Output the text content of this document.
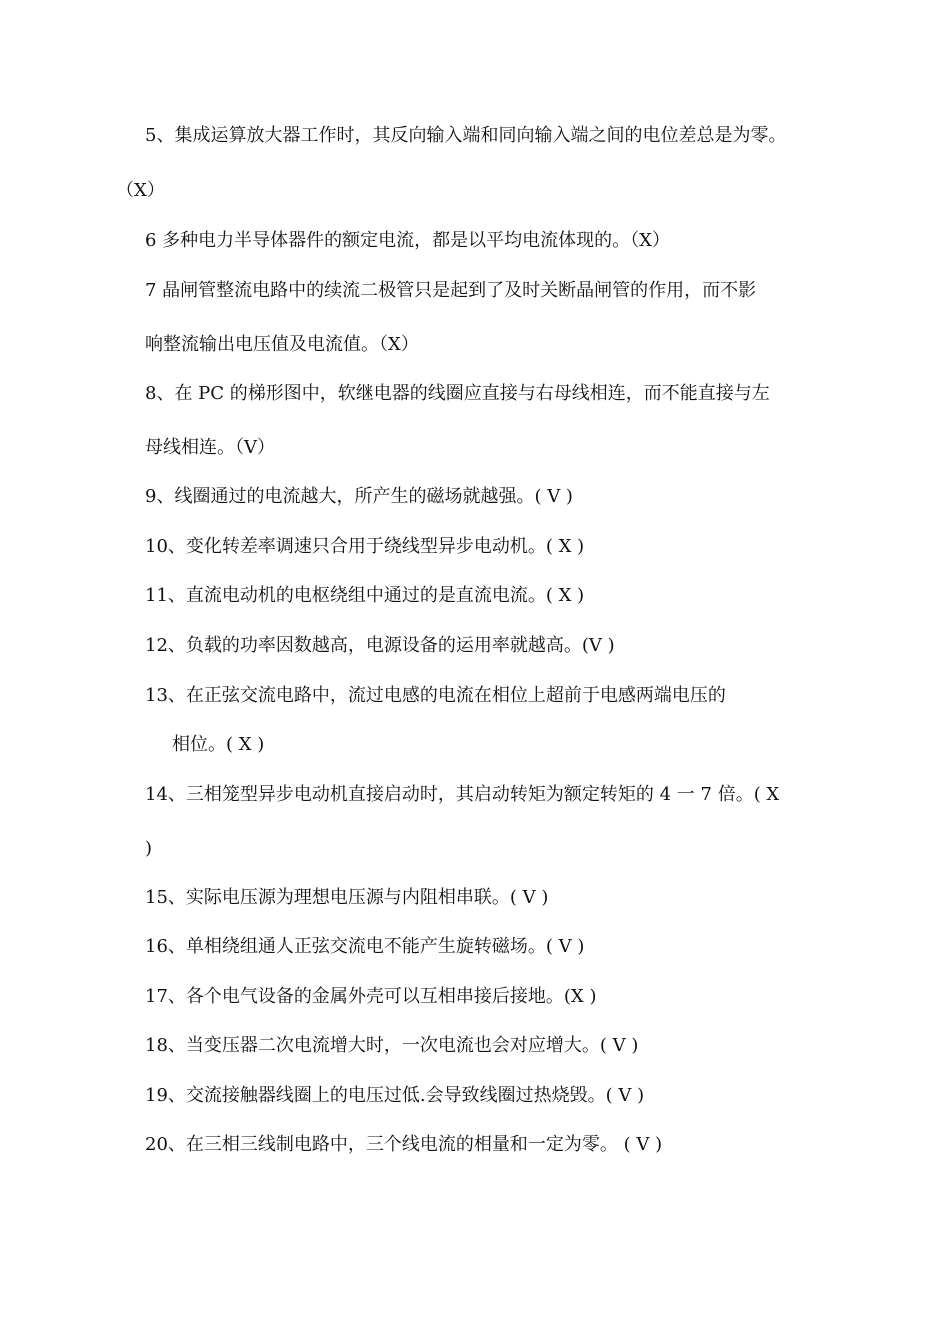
5、集成运算放大器工作时，其反向输入端和同向输入端之间的电位差总是为零。
（X）
6 多种电力半导体器件的额定电流，都是以平均电流体现的。（X）
7 晶闸管整流电路中的续流二极管只是起到了及时关断晶闸管的作用，而不影
响整流输出电压值及电流值。（X）
8、在 PC 的梯形图中，软继电器的线圈应直接与右母线相连，而不能直接与左
母线相连。（V）
9、线圈通过的电流越大，所产生的磁场就越强。( V )
10、变化转差率调速只合用于绕线型异步电动机。( X )
11、直流电动机的电枢绕组中通过的是直流电流。( X )
12、负载的功率因数越高，电源设备的运用率就越高。(V )
13、在正弦交流电路中，流过电感的电流在相位上超前于电感两端电压的
相位。( X )
14、三相笼型异步电动机直接启动时，其启动转矩为额定转矩的 4 一 7 倍。( X
)
15、实际电压源为理想电压源与内阻相串联。( V )
16、单相绕组通人正弦交流电不能产生旋转磁场。( V )
17、各个电气设备的金属外壳可以互相串接后接地。(X )
18、当变压器二次电流增大时，一次电流也会对应增大。( V )
19、交流接触器线圈上的电压过低.会导致线圈过热烧毁。( V )
20、在三相三线制电路中，三个线电流的相量和一定为零。 ( V )
